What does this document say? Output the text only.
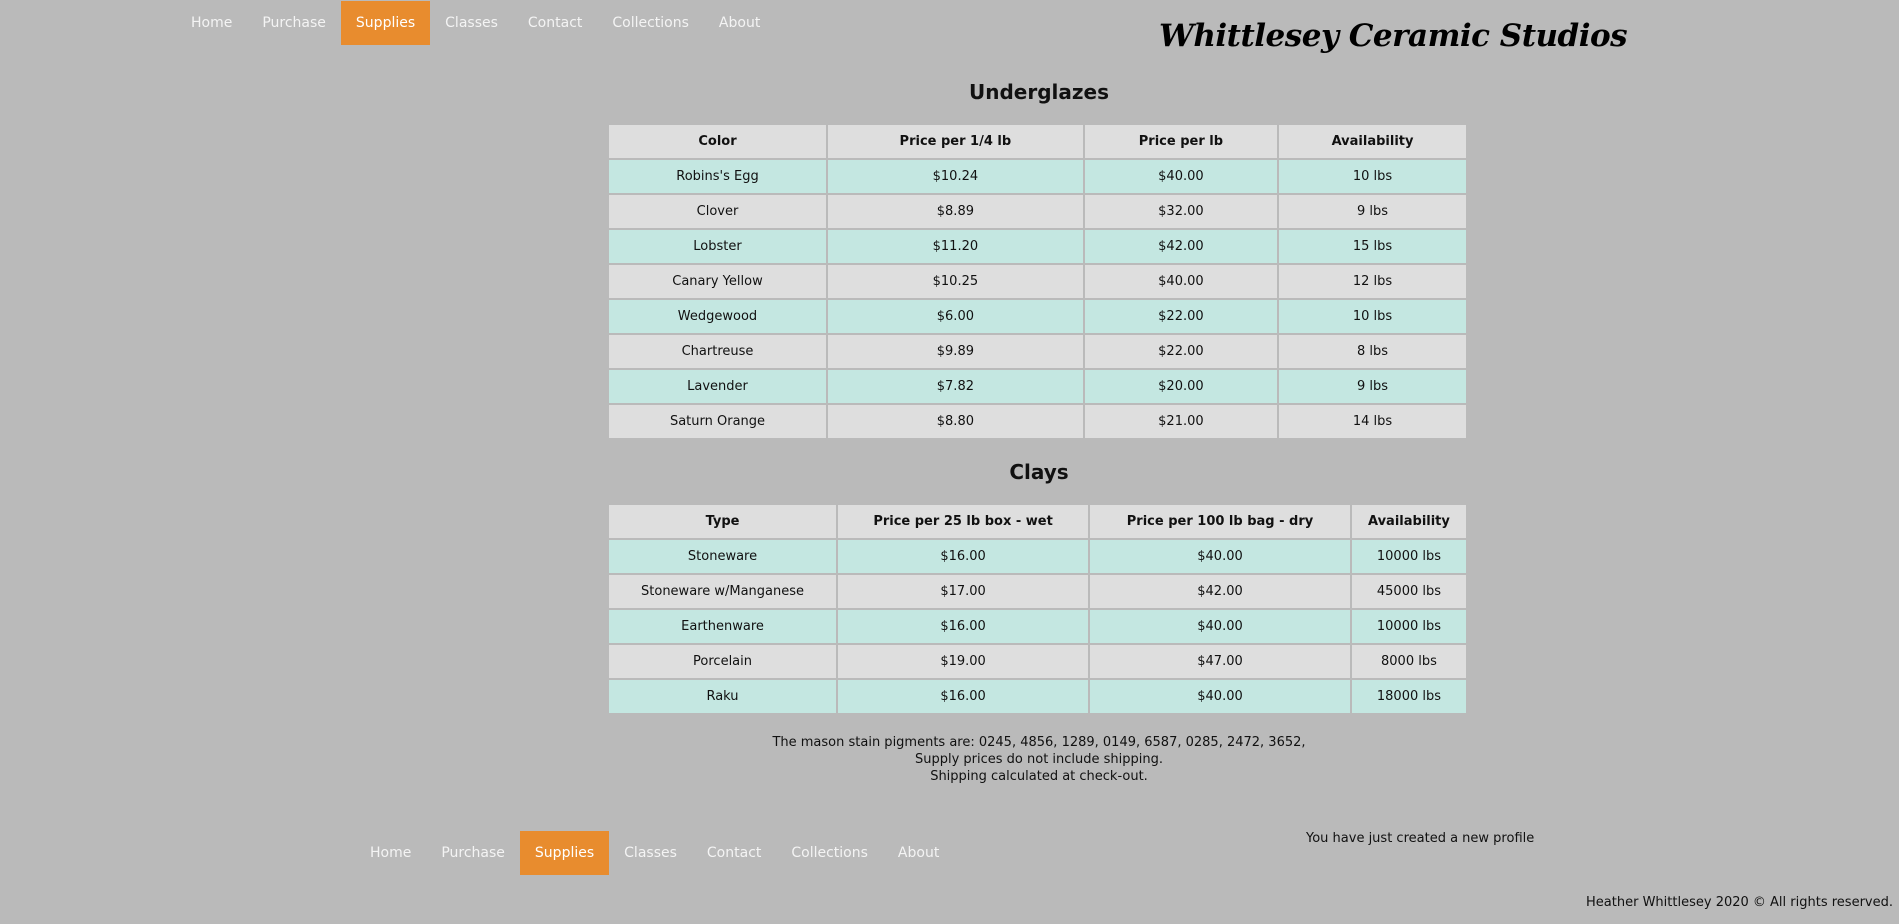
Home	Purchase	Supplies	Classes	Contact	Collections	About	Whittlesey Ceramic Studios
Underglazes
Color	Price per 1/4 lb	Price per lb	Availability
Robins's Egg	$10.24	$40.00	10 lbs
Clover	$8.89	$32.00	9 lbs
Lobster	$11.20	$42.00	15 lbs
Canary Yellow	$10.25	$40.00	12 lbs
Wedgewood	$6.00	$22.00	10 lbs
Chartreuse	$9.89	$22.00	8 lbs
Lavender	$7.82	$20.00	9 lbs
Saturn Orange	$8.80	$21.00	14 lbs
Clays
Type	Price per 25 lb box - wet	Price per 100 lb bag - dry	Availability
Stoneware	$16.00	$40.00	10000 lbs
Stoneware w/Manganese	$17.00	$42.00	45000 lbs
Earthenware	$16.00	$40.00	10000 lbs
Porcelain	$19.00	$47.00	8000 lbs
Raku	$16.00	$40.00	18000 lbs

The mason stain pigments are: 0245, 4856, 1289, 0149, 6587, 0285, 2472, 3652,

Supply prices do not include shipping.

Shipping calculated at check-out.

You have just created a new profile
Home	Purchase	Supplies	Classes	Contact	Collections	About
Heather Whittlesey 2020 © All rights reserved.
